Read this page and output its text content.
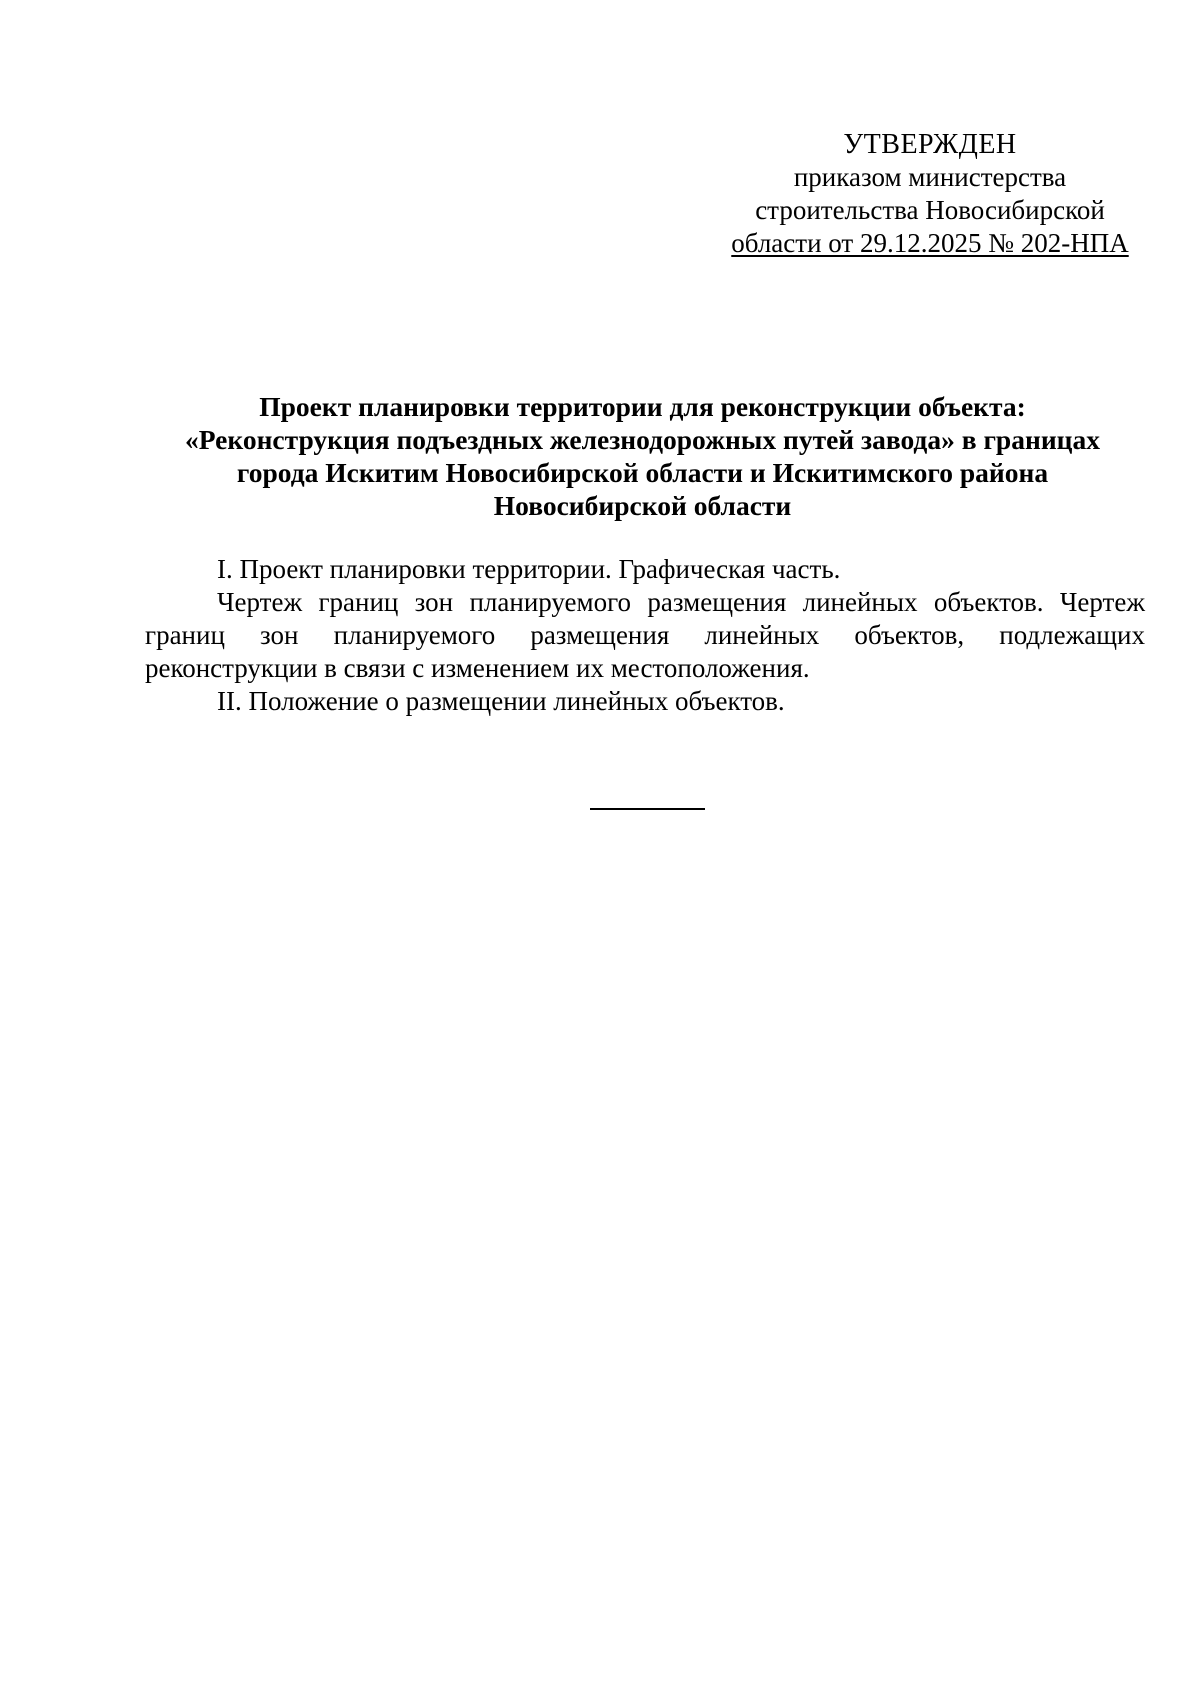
УТВЕРЖДЕН
приказом министерства
строительства Новосибирской
области от 29.12.2025 № 202-НПА
Проект планировки территории для реконструкции объекта:
«Реконструкция подъездных железнодорожных путей завода» в границах
города Искитим Новосибирской области и Искитимского района
Новосибирской области

I. Проект планировки территории. Графическая часть.

Чертеж границ зон планируемого размещения линейных объектов. Чертеж границ зон планируемого размещения линейных объектов, подлежащих реконструкции в связи с изменением их местоположения.

II. Положение о размещении линейных объектов.
